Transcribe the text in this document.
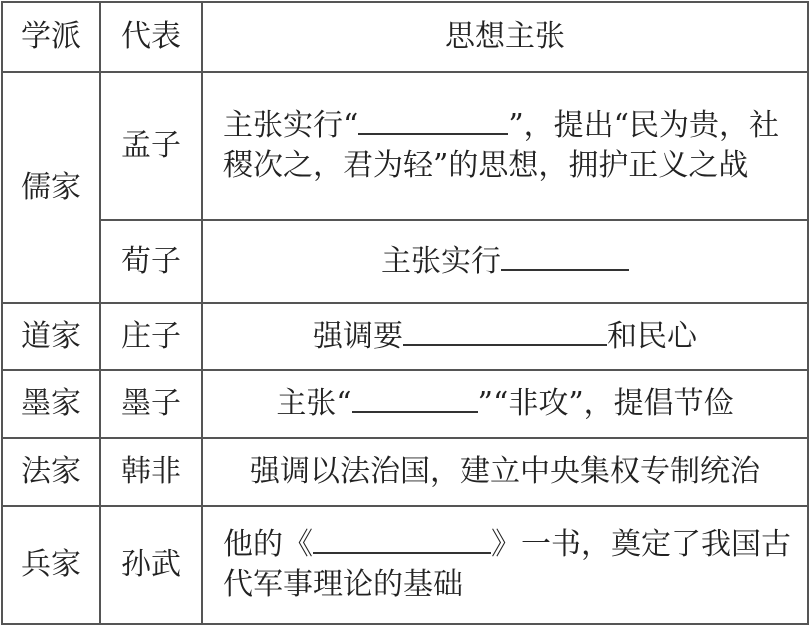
学派	代表	思想主张
儒家	孟子	主张实行“ ”，提出“民为贵，社稷次之，君为轻”的思想，拥护正义之战
	荀子	主张实行
道家	庄子	强调要 和民心
墨家	墨子	主张“ ”“非攻”，提倡节俭
法家	韩非	强调以法治国，建立中央集权专制统治
兵家	孙武	他的《 》一书，奠定了我国古代军事理论的基础
